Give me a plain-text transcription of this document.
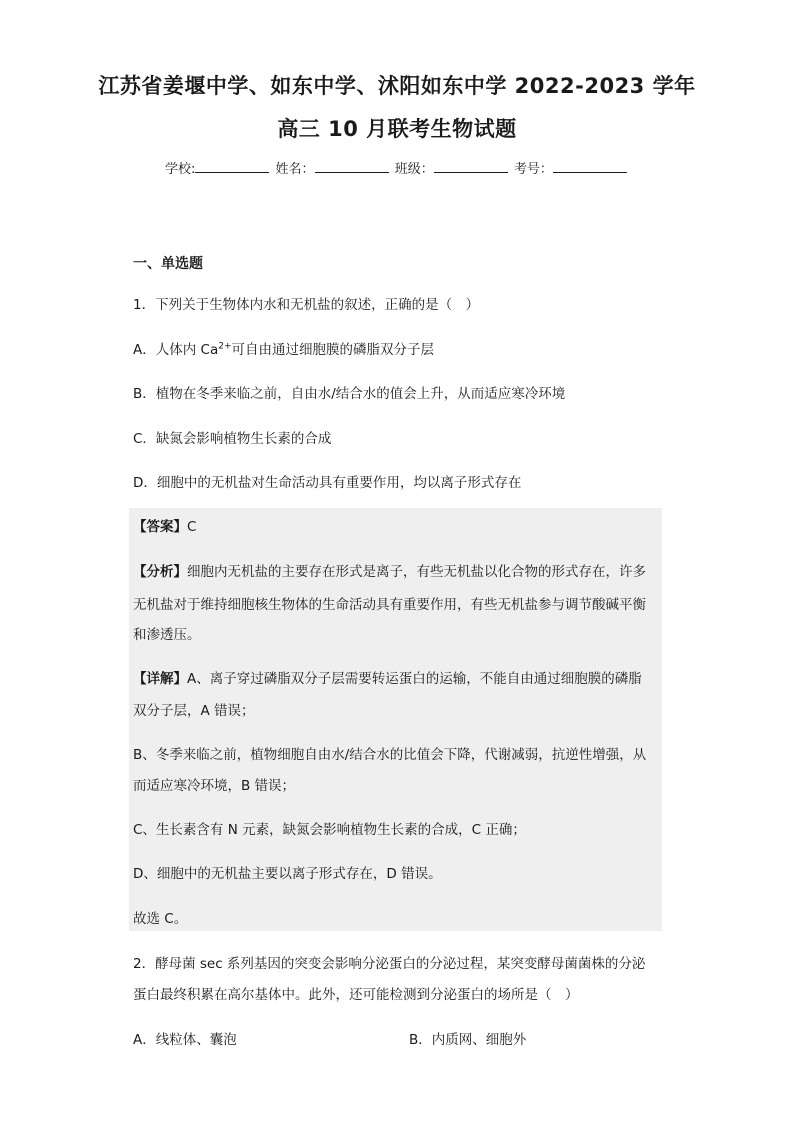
江苏省姜堰中学、如东中学、沭阳如东中学 2022-2023 学年
高三 10 月联考生物试题
学校:	姓名：	班级：	考号：
一、单选题
1．下列关于生物体内水和无机盐的叙述，正确的是（　）
A．人体内 $Ca^{2+}$可自由通过细胞膜的磷脂双分子层
B．植物在冬季来临之前，自由水/结合水的值会上升，从而适应寒冷环境
C．缺氮会影响植物生长素的合成
D．细胞中的无机盐对生命活动具有重要作用，均以离子形式存在
【答案】C
【分析】细胞内无机盐的主要存在形式是离子，有些无机盐以化合物的形式存在，许多
无机盐对于维持细胞核生物体的生命活动具有重要作用，有些无机盐参与调节酸碱平衡
和渗透压。
【详解】A、离子穿过磷脂双分子层需要转运蛋白的运输，不能自由通过细胞膜的磷脂
双分子层，A 错误；
B、冬季来临之前，植物细胞自由水/结合水的比值会下降，代谢减弱，抗逆性增强，从
而适应寒冷环境，B 错误；
C、生长素含有 N 元素，缺氮会影响植物生长素的合成，C 正确；
D、细胞中的无机盐主要以离子形式存在，D 错误。
故选 C。
2．酵母菌 sec 系列基因的突变会影响分泌蛋白的分泌过程，某突变酵母菌菌株的分泌
蛋白最终积累在高尔基体中。此外，还可能检测到分泌蛋白的场所是（　）
A．线粒体、囊泡	B．内质网、细胞外
